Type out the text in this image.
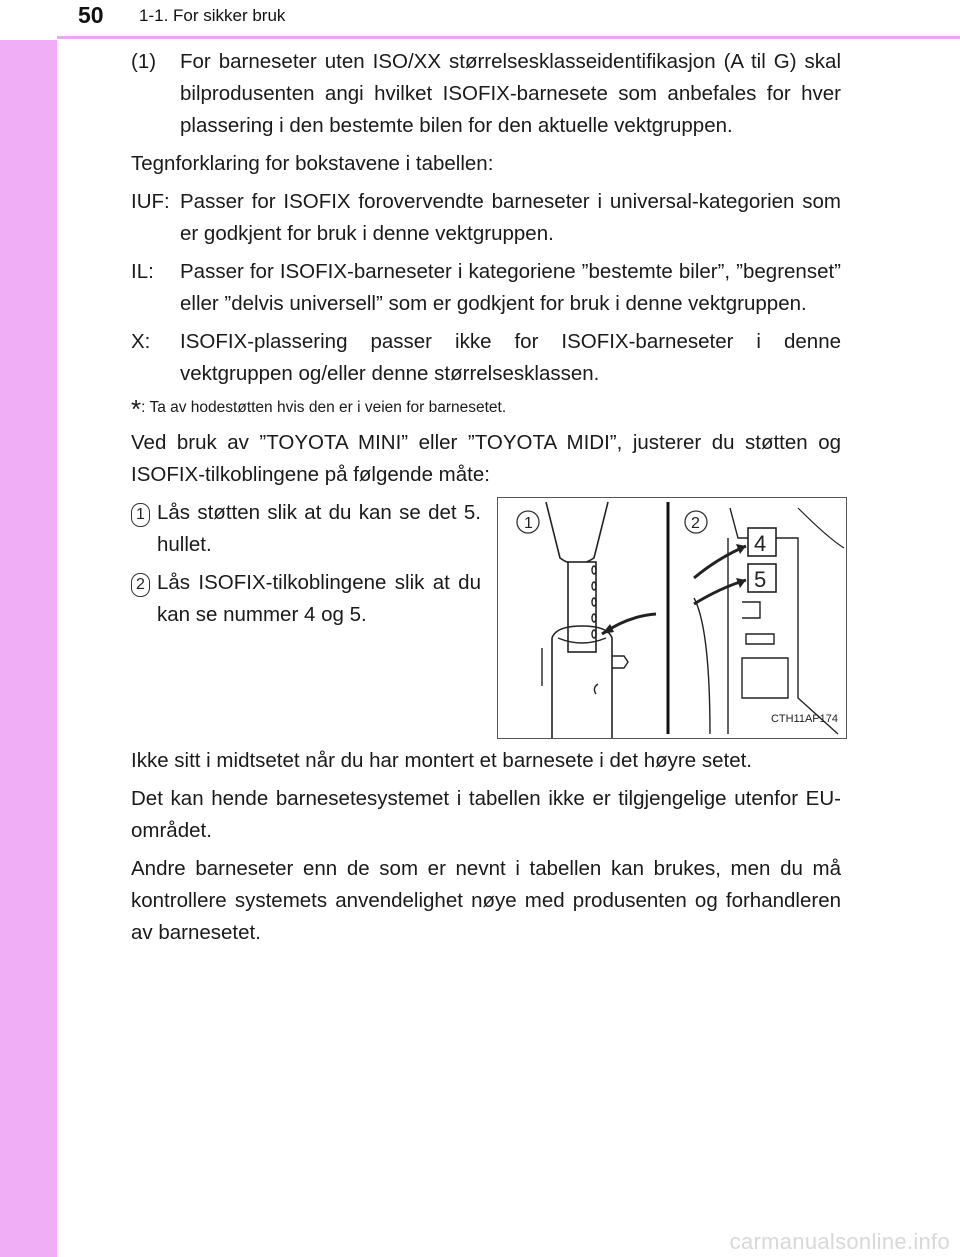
50 1-1. For sikker bruk
(1)	For barneseter uten ISO/XX størrelsesklasseidentifikasjon (A til G) skal bilprodusenten angi hvilket ISOFIX-barnesete som anbefales for hver plassering i den bestemte bilen for den aktuelle vektgruppen.
Tegnforklaring for bokstavene i tabellen:
IUF: Passer for ISOFIX forovervendte barneseter i universal-kategorien som er godkjent for bruk i denne vektgruppen.
IL:	Passer for ISOFIX-barneseter i kategoriene ”bestemte biler”, ”begrenset” eller ”delvis universell” som er godkjent for bruk i denne vektgruppen.
X:	ISOFIX-plassering passer ikke for ISOFIX-barneseter i denne vektgruppen og/eller denne størrelsesklassen.
*: Ta av hodestøtten hvis den er i veien for barnesetet.
Ved bruk av ”TOYOTA MINI” eller ”TOYOTA MIDI”, justerer du støtten og ISOFIX-tilkoblingene på følgende måte:
1 Lås støtten slik at du kan se det 5. hullet.
2 Lås ISOFIX-tilkoblingene slik at du kan se nummer 4 og 5.
1	2
4
5
CTH11AP174
Ikke sitt i midtsetet når du har montert et barnesete i det høyre setet.
Det kan hende barnesetesystemet i tabellen ikke er tilgjengelige utenfor EU-området.
Andre barneseter enn de som er nevnt i tabellen kan brukes, men du må kontrollere systemets anvendelighet nøye med produsenten og forhandleren av barnesetet.
carmanualsonline.info
